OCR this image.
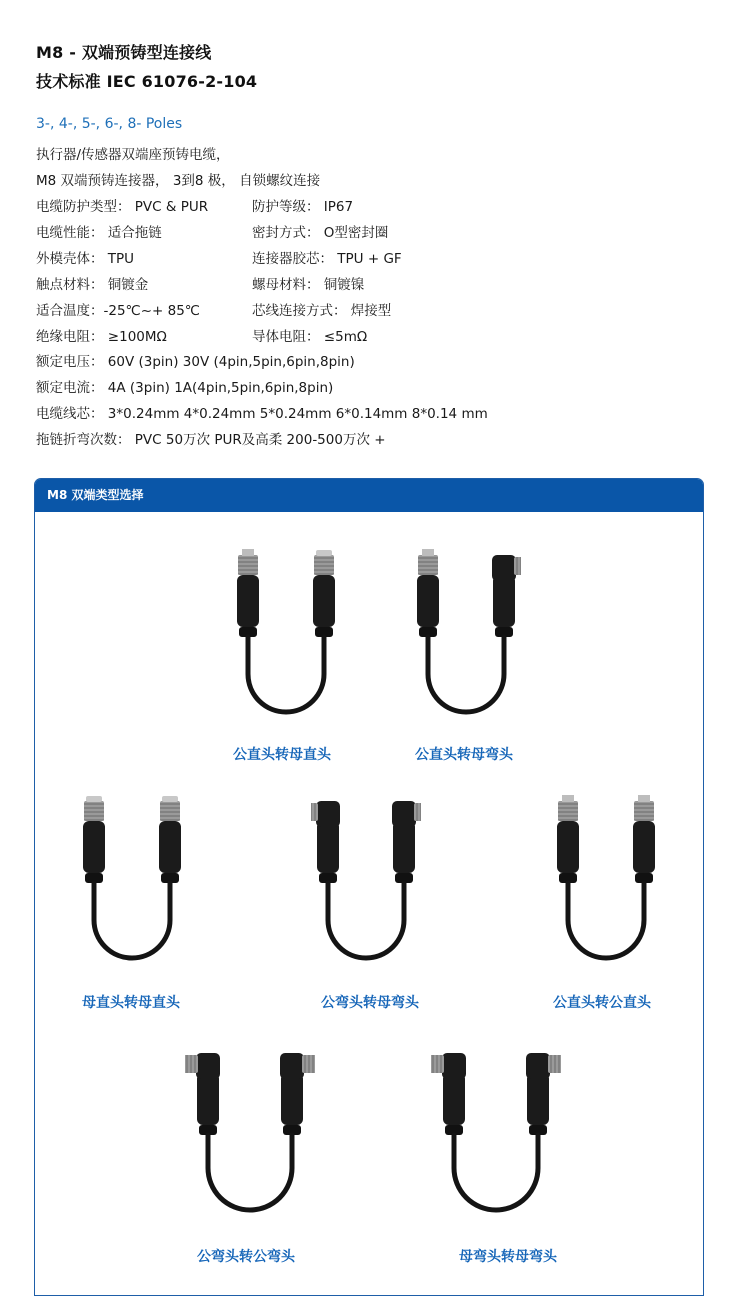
M8 - 双端预铸型连接线
技术标准 IEC 61076-2-104
3-, 4-, 5-, 6-, 8- Poles
执行器/传感器双端座预铸电缆，
M8 双端预铸连接器， 3到8 极， 自锁螺纹连接
电缆防护类型： PVC & PUR	防护等级： IP67
电缆性能： 适合拖链	密封方式： O型密封圈
外模壳体： TPU	连接器胶芯： TPU + GF
触点材料： 铜镀金	螺母材料： 铜镀镍
适合温度：-25℃~+ 85℃	芯线连接方式： 焊接型
绝缘电阻： ≥100MΩ	导体电阻： ≤5mΩ
额定电压： 60V (3pin) 30V (4pin,5pin,6pin,8pin)
额定电流： 4A (3pin) 1A(4pin,5pin,6pin,8pin)
电缆线芯： 3*0.24mm 4*0.24mm 5*0.24mm 6*0.14mm 8*0.14 mm
拖链折弯次数： PVC 50万次 PUR及高柔 200-500万次 +
M8 双端类型选择
公直头转母直头	公直头转母弯头
母直头转母直头	公弯头转母弯头	公直头转公直头
公弯头转公弯头	母弯头转母弯头
